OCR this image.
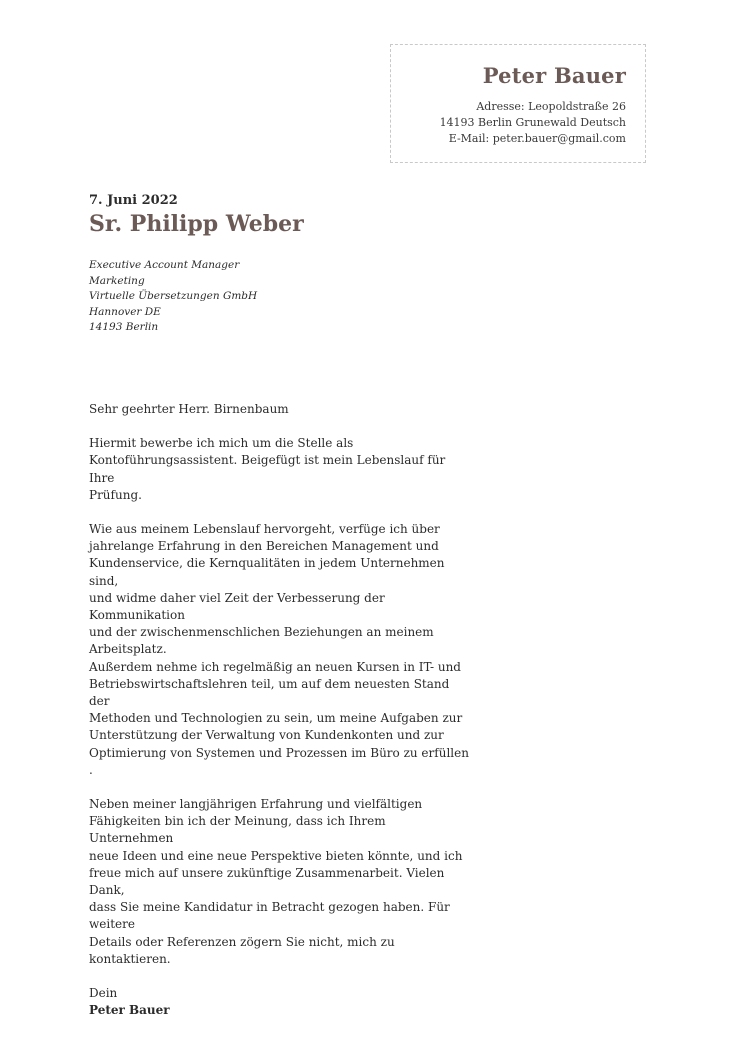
Peter Bauer
Adresse: Leopoldstraße 26
14193 Berlin Grunewald Deutsch
E-Mail: peter.bauer@gmail.com
7. Juni 2022
Sr. Philipp Weber
Executive Account Manager
Marketing
Virtuelle Übersetzungen GmbH
Hannover DE
14193 Berlin
Sehr geehrter Herr. Birnenbaum
Hiermit bewerbe ich mich um die Stelle als
Kontoführungsassistent. Beigefügt ist mein Lebenslauf für Ihre
Prüfung.
Wie aus meinem Lebenslauf hervorgeht, verfüge ich über
jahrelange Erfahrung in den Bereichen Management und
Kundenservice, die Kernqualitäten in jedem Unternehmen sind,
und widme daher viel Zeit der Verbesserung der Kommunikation
und der zwischenmenschlichen Beziehungen an meinem
Arbeitsplatz.
Außerdem nehme ich regelmäßig an neuen Kursen in IT- und
Betriebswirtschaftslehren teil, um auf dem neuesten Stand der
Methoden und Technologien zu sein, um meine Aufgaben zur
Unterstützung der Verwaltung von Kundenkonten und zur
Optimierung von Systemen und Prozessen im Büro zu erfüllen .
Neben meiner langjährigen Erfahrung und vielfältigen
Fähigkeiten bin ich der Meinung, dass ich Ihrem Unternehmen
neue Ideen und eine neue Perspektive bieten könnte, und ich
freue mich auf unsere zukünftige Zusammenarbeit. Vielen Dank,
dass Sie meine Kandidatur in Betracht gezogen haben. Für weitere
Details oder Referenzen zögern Sie nicht, mich zu kontaktieren.
Dein
Peter Bauer
